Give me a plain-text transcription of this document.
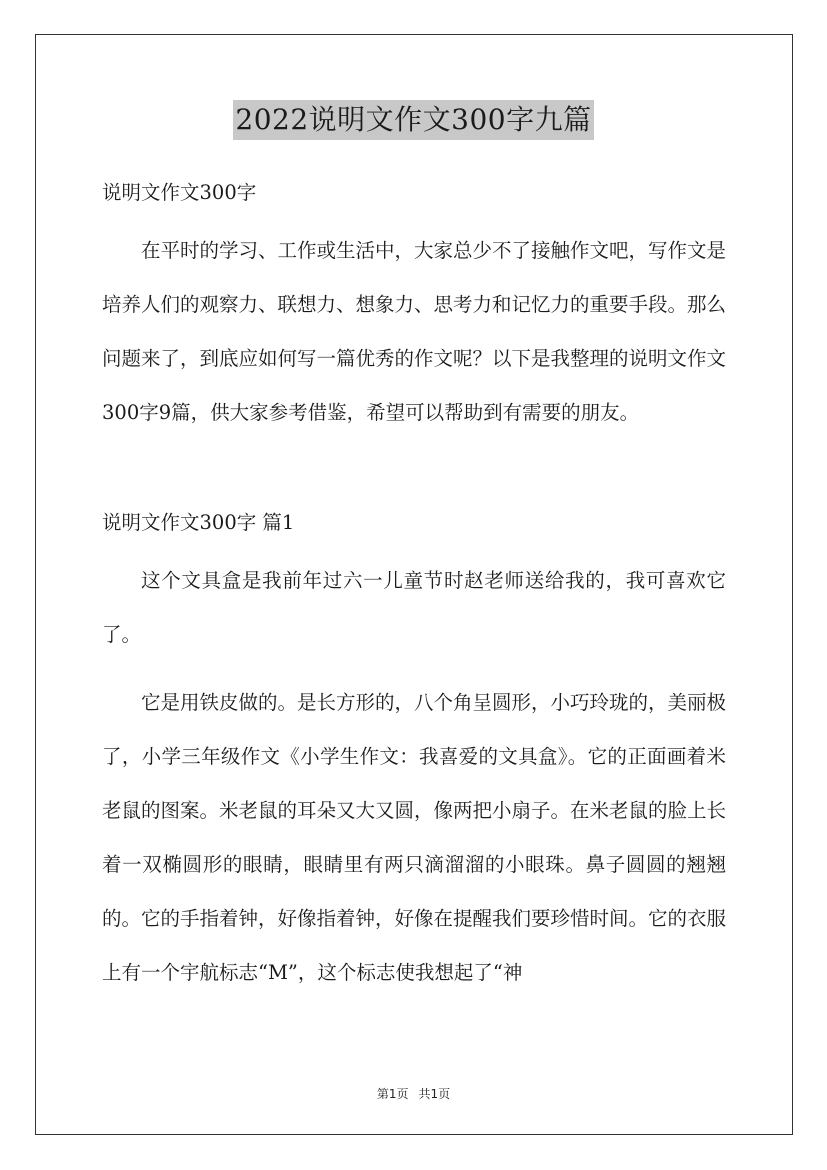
2022说明文作文300字九篇

说明文作文300字

在平时的学习、工作或生活中，大家总少不了接触作文吧，写作文是培养人们的观察力、联想力、想象力、思考力和记忆力的重要手段。那么问题来了，到底应如何写一篇优秀的作文呢？以下是我整理的说明文作文300字9篇，供大家参考借鉴，希望可以帮助到有需要的朋友。

说明文作文300字 篇1

这个文具盒是我前年过六一儿童节时赵老师送给我的，我可喜欢它了。

它是用铁皮做的。是长方形的，八个角呈圆形，小巧玲珑的，美丽极了，小学三年级作文《小学生作文：我喜爱的文具盒》。它的正面画着米老鼠的图案。米老鼠的耳朵又大又圆，像两把小扇子。在米老鼠的脸上长着一双椭圆形的眼睛，眼睛里有两只滴溜溜的小眼珠。鼻子圆圆的翘翘的。它的手指着钟，好像指着钟，好像在提醒我们要珍惜时间。它的衣服上有一个宇航标志“M”，这个标志使我想起了“神

第1页 共1页
